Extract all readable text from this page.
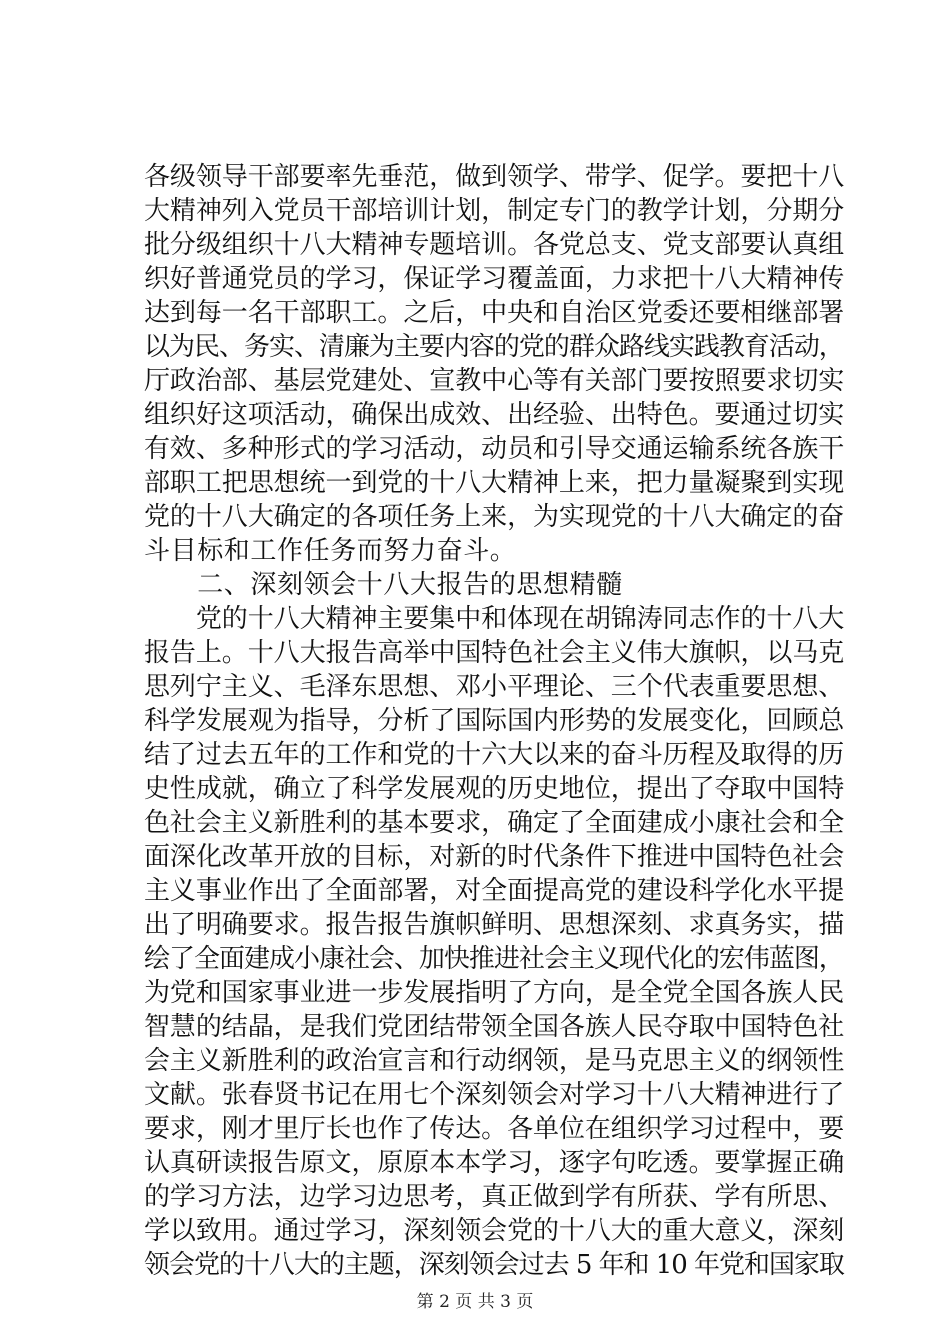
各级领导干部要率先垂范，做到领学、带学、促学。要把十八
大精神列入党员干部培训计划，制定专门的教学计划，分期分
批分级组织十八大精神专题培训。各党总支、党支部要认真组
织好普通党员的学习，保证学习覆盖面，力求把十八大精神传
达到每一名干部职工。之后，中央和自治区党委还要相继部署
以为民、务实、清廉为主要内容的党的群众路线实践教育活动，
厅政治部、基层党建处、宣教中心等有关部门要按照要求切实
组织好这项活动，确保出成效、出经验、出特色。要通过切实
有效、多种形式的学习活动，动员和引导交通运输系统各族干
部职工把思想统一到党的十八大精神上来，把力量凝聚到实现
党的十八大确定的各项任务上来，为实现党的十八大确定的奋
斗目标和工作任务而努力奋斗。
　　二、深刻领会十八大报告的思想精髓
　　党的十八大精神主要集中和体现在胡锦涛同志作的十八大
报告上。十八大报告高举中国特色社会主义伟大旗帜，以马克
思列宁主义、毛泽东思想、邓小平理论、三个代表重要思想、
科学发展观为指导，分析了国际国内形势的发展变化，回顾总
结了过去五年的工作和党的十六大以来的奋斗历程及取得的历
史性成就，确立了科学发展观的历史地位，提出了夺取中国特
色社会主义新胜利的基本要求，确定了全面建成小康社会和全
面深化改革开放的目标，对新的时代条件下推进中国特色社会
主义事业作出了全面部署，对全面提高党的建设科学化水平提
出了明确要求。报告报告旗帜鲜明、思想深刻、求真务实，描
绘了全面建成小康社会、加快推进社会主义现代化的宏伟蓝图，
为党和国家事业进一步发展指明了方向，是全党全国各族人民
智慧的结晶，是我们党团结带领全国各族人民夺取中国特色社
会主义新胜利的政治宣言和行动纲领，是马克思主义的纲领性
文献。张春贤书记在用七个深刻领会对学习十八大精神进行了
要求，刚才里厅长也作了传达。各单位在组织学习过程中，要
认真研读报告原文，原原本本学习，逐字句吃透。要掌握正确
的学习方法，边学习边思考，真正做到学有所获、学有所思、
学以致用。通过学习，深刻领会党的十八大的重大意义，深刻
领会党的十八大的主题，深刻领会过去 5 年和 10 年党和国家取
第 2 页 共 3 页
